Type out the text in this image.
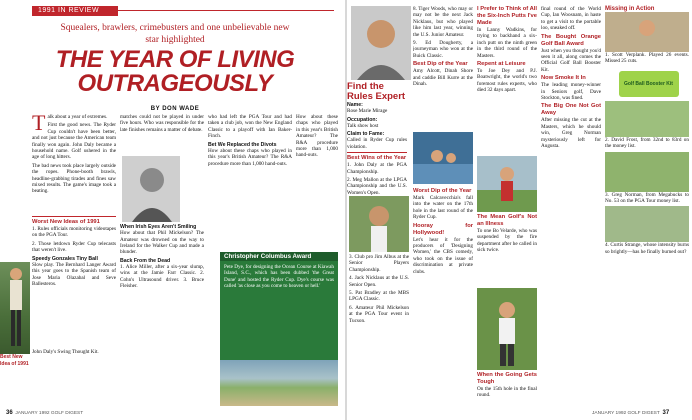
1991 IN REVIEW
Squealers, brawlers, crimebusters and one unbelievable new star highlighted
THE YEAR OF LIVING OUTRAGEOUSLY
BY DON WADE

Talk about a year of extremes.

First the good news. The Ryder Cup couldn't have been better, and not just because the American team finally won again. John Daly became a household name. Golf ushered in the age of long hitters.

The bad news took place largely outside the ropes. Phone-booth brawls, headline-grabbing tirades and fines saw mixed results. The game's image took a beating.

Best New Idea of 1991
Worst New Ideas of 1991

1. Rules officials monitoring videotapes on the PGA Tour.

2. Those letdown Ryder Cup telecasts that weren't live.

Speedy Gonzales Tiny Ball

Slow play. The Bernhard Langer Award this year goes to the Spanish team of Jose Maria Olazabal and Seve Ballesteros.

John Daly's Swing Thought Kit.

matches could not be played in under five hours. Who was responsible for the late finishes remains a matter of debate.

When Irish Eyes Aren't Smiling

How about that Phil Mickelson? The Amateur was drowned on the way to Ireland for the Walker Cup and made a blunder.

Back From the Dead

1. Alice Miller, after a six-year slump, wins at the Jamie Farr Classic. 2. Cohn's Ultrasound driver. 3. Bruce Fleisher.

who had left the PGA Tour and had taken a club job, won the New England Classic to a playoff with Ian Baker-Finch.

Bet We Replaced the Divots

How about these chaps who played in this year's British Amateur? The R&A procedure more than 1,000 hand-outs.

How about these chaps who played in this year's British Amateur? The R&A procedure more than 1,000 hand-outs.

Christopher Columbus Award
Pete Dye, for designing the Ocean Course at Kiawah Island, S.C., which has been dubbed 'the Great Dune' and hosted the Ryder Cup. Dye's course was called 'as close as you come to heaven or hell.'
36 JANUARY 1992 GOLF DIGEST
Find the Rules Expert
Name:

Rose Marie Mirage

Occupation:

Talk show host

Claim to Fame:

Called in Ryder Cup rules violation.

Best Wins of the Year

1. John Daly at the PGA Championship.

2. Meg Mallon at the LPGA Championship and the U.S. Women's Open.

3. Club pro Jim Albus at the Senior Players Championship.

4. Jack Nicklaus at the U.S. Senior Open.

5. Pat Bradley at the MBS LPGA Classic.

6. Amateur Phil Mickelson at the PGA Tour event in Tucson.

8. Tiger Woods, who may or may not be the next Jack Nicklaus, but who played like him last year, winning the U.S. Junior Amateur.

9. Ed Dougherty, a journeyman who won at the Buick Classic.

Best Dip of the Year

Amy Alcott, Dinah Shore and caddie Bill Kurre at the Dinah.

Worst Dip of the Year

Mark Calcavecchia's fall into the water on the 17th hole in the last round of the Ryder Cup.

Hooray for Hollywood!

Let's hear it for the producers of 'Designing Women,' the CBS comedy, who took on the issue of discrimination at private clubs.

I Prefer to Think of All the Six-Inch Putts I've Made

In Lanny Wadkins, for trying to backhand a six-inch putt on the ninth green in the third round of the Masters.

Repent at Leisure

To Joe Dey and P.J. Boatwright, the world's two foremost rules experts, who died 32 days apart.

The Mean Golf's Not an Illness

To one Bo Velarde, who was suspended by the fire department after he called in sick twice.

When the Going Gets Tough

On the 15th hole in the final round.

final round of the World Cup, Ian Woosnam, in haste to get a visit to the portable loo, sneaked off.

The Bought Orange Golf Ball Award

Just when you thought you'd seen it all, along comes the Official Golf Ball Booster Kit.

Now Smoke It In

The leading money-winner in Seniors golf, Dave Stockton, was fined.

The Big One Not Got Away

After missing the cut at the Masters, which he should win, Greg Norman mysteriously left for Augusta.

Missing in Action

1. Scott Verplank. Played 26 events. Missed 25 cuts.

Golf Ball Booster Kit

2. David Frost, from 32nd to 83rd on the money list.

3. Greg Norman, from Megabucks to No. 53 on the PGA Tour money list.

4. Curtis Strange, whose intensity burns so brightly—has he finally burned out?

JANUARY 1992 GOLF DIGEST 37
